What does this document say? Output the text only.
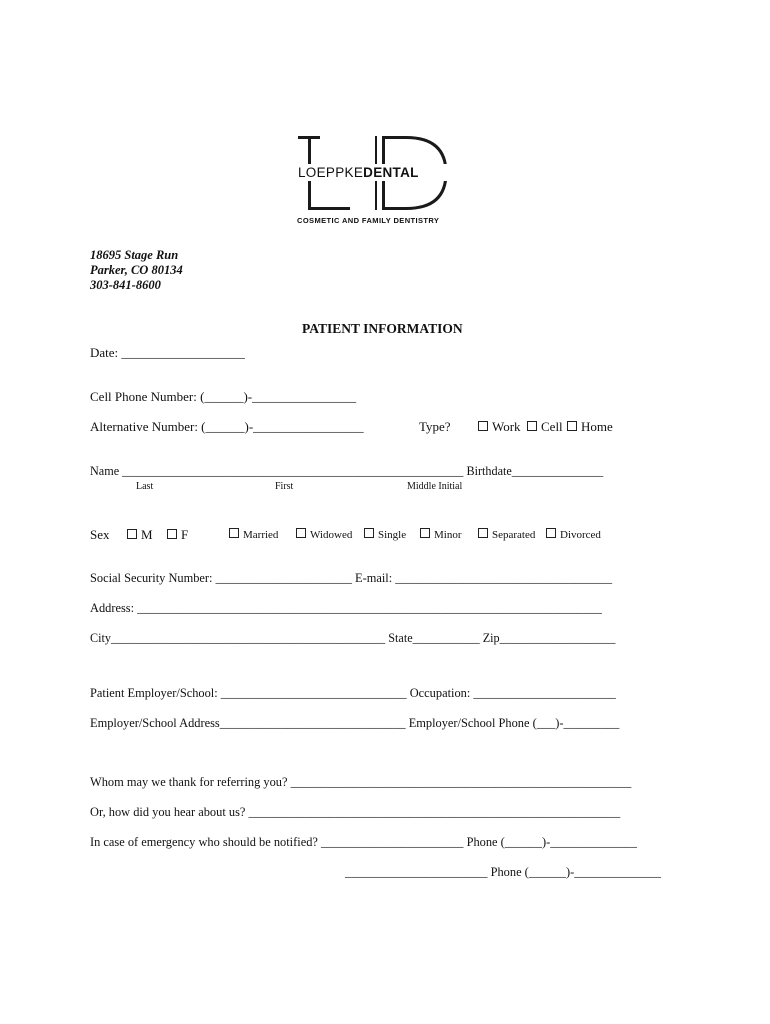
LOEPPKEDENTAL
COSMETIC AND FAMILY DENTISTRY
18695 Stage Run
Parker, CO 80134
303-841-8600
PATIENT INFORMATION
Date: ___________________
Cell Phone Number: (______)-________________
Alternative Number: (______)-_________________	Type?	Work	Cell	Home
Name ________________________________________________________ Birthdate_______________
Last	First	Middle Initial
Sex	M	F	Married	Widowed	Single	Minor	Separated	Divorced
Social Security Number: ______________________ E-mail: ___________________________________
Address: ___________________________________________________________________________
City_____________________________________________ State___________ Zip___________________
Patient Employer/School: ______________________________ Occupation: _______________________
Employer/School Address______________________________ Employer/School Phone (___)-_________
Whom may we thank for referring you? _______________________________________________________
Or, how did you hear about us? ____________________________________________________________
In case of emergency who should be notified? _______________________ Phone (______)-______________
_______________________ Phone (______)-______________
